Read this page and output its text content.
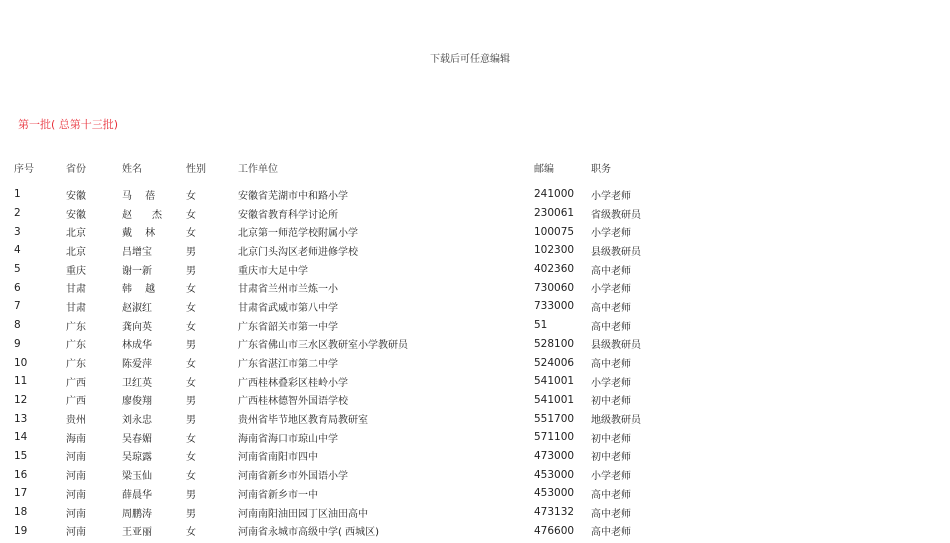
下载后可任意编辑
第一批( 总第十三批)
序号	省份	姓名	性别	工作单位	邮编	职务

1	安徽	马　 蓓	女	安徽省芜湖市中和路小学	241000	小学老师
2	安徽	赵　　杰	女	安徽省教育科学讨论所	230061	省级教研员
3	北京	戴　 林	女	北京第一师范学校附属小学	100075	小学老师
4	北京	吕增宝	男	北京门头沟区老师进修学校	102300	县级教研员
5	重庆	谢一新	男	重庆市大足中学	402360	高中老师
6	甘肃	韩　 越	女	甘肃省兰州市兰炼一小	730060	小学老师
7	甘肃	赵淑红	女	甘肃省武威市第八中学	733000	高中老师
8	广东	龚向英	女	广东省韶关市第一中学	51	高中老师
9	广东	林成华	男	广东省佛山市三水区教研室小学教研员	528100	县级教研员
10	广东	陈爱萍	女	广东省湛江市第二中学	524006	高中老师
11	广西	卫红英	女	广西桂林叠彩区桂岭小学	541001	小学老师
12	广西	廖俊翔	男	广西桂林德智外国语学校	541001	初中老师
13	贵州	刘永忠	男	贵州省毕节地区教育局教研室	551700	地级教研员
14	海南	吴春媚	女	海南省海口市琼山中学	571100	初中老师
15	河南	吴琼露	女	河南省南阳市四中	473000	初中老师
16	河南	梁玉仙	女	河南省新乡市外国语小学	453000	小学老师
17	河南	薛晨华	男	河南省新乡市一中	453000	高中老师
18	河南	周鹏涛	男	河南南阳油田园丁区油田高中	473132	高中老师
19	河南	王亚丽	女	河南省永城市高级中学( 西城区)	476600	高中老师
